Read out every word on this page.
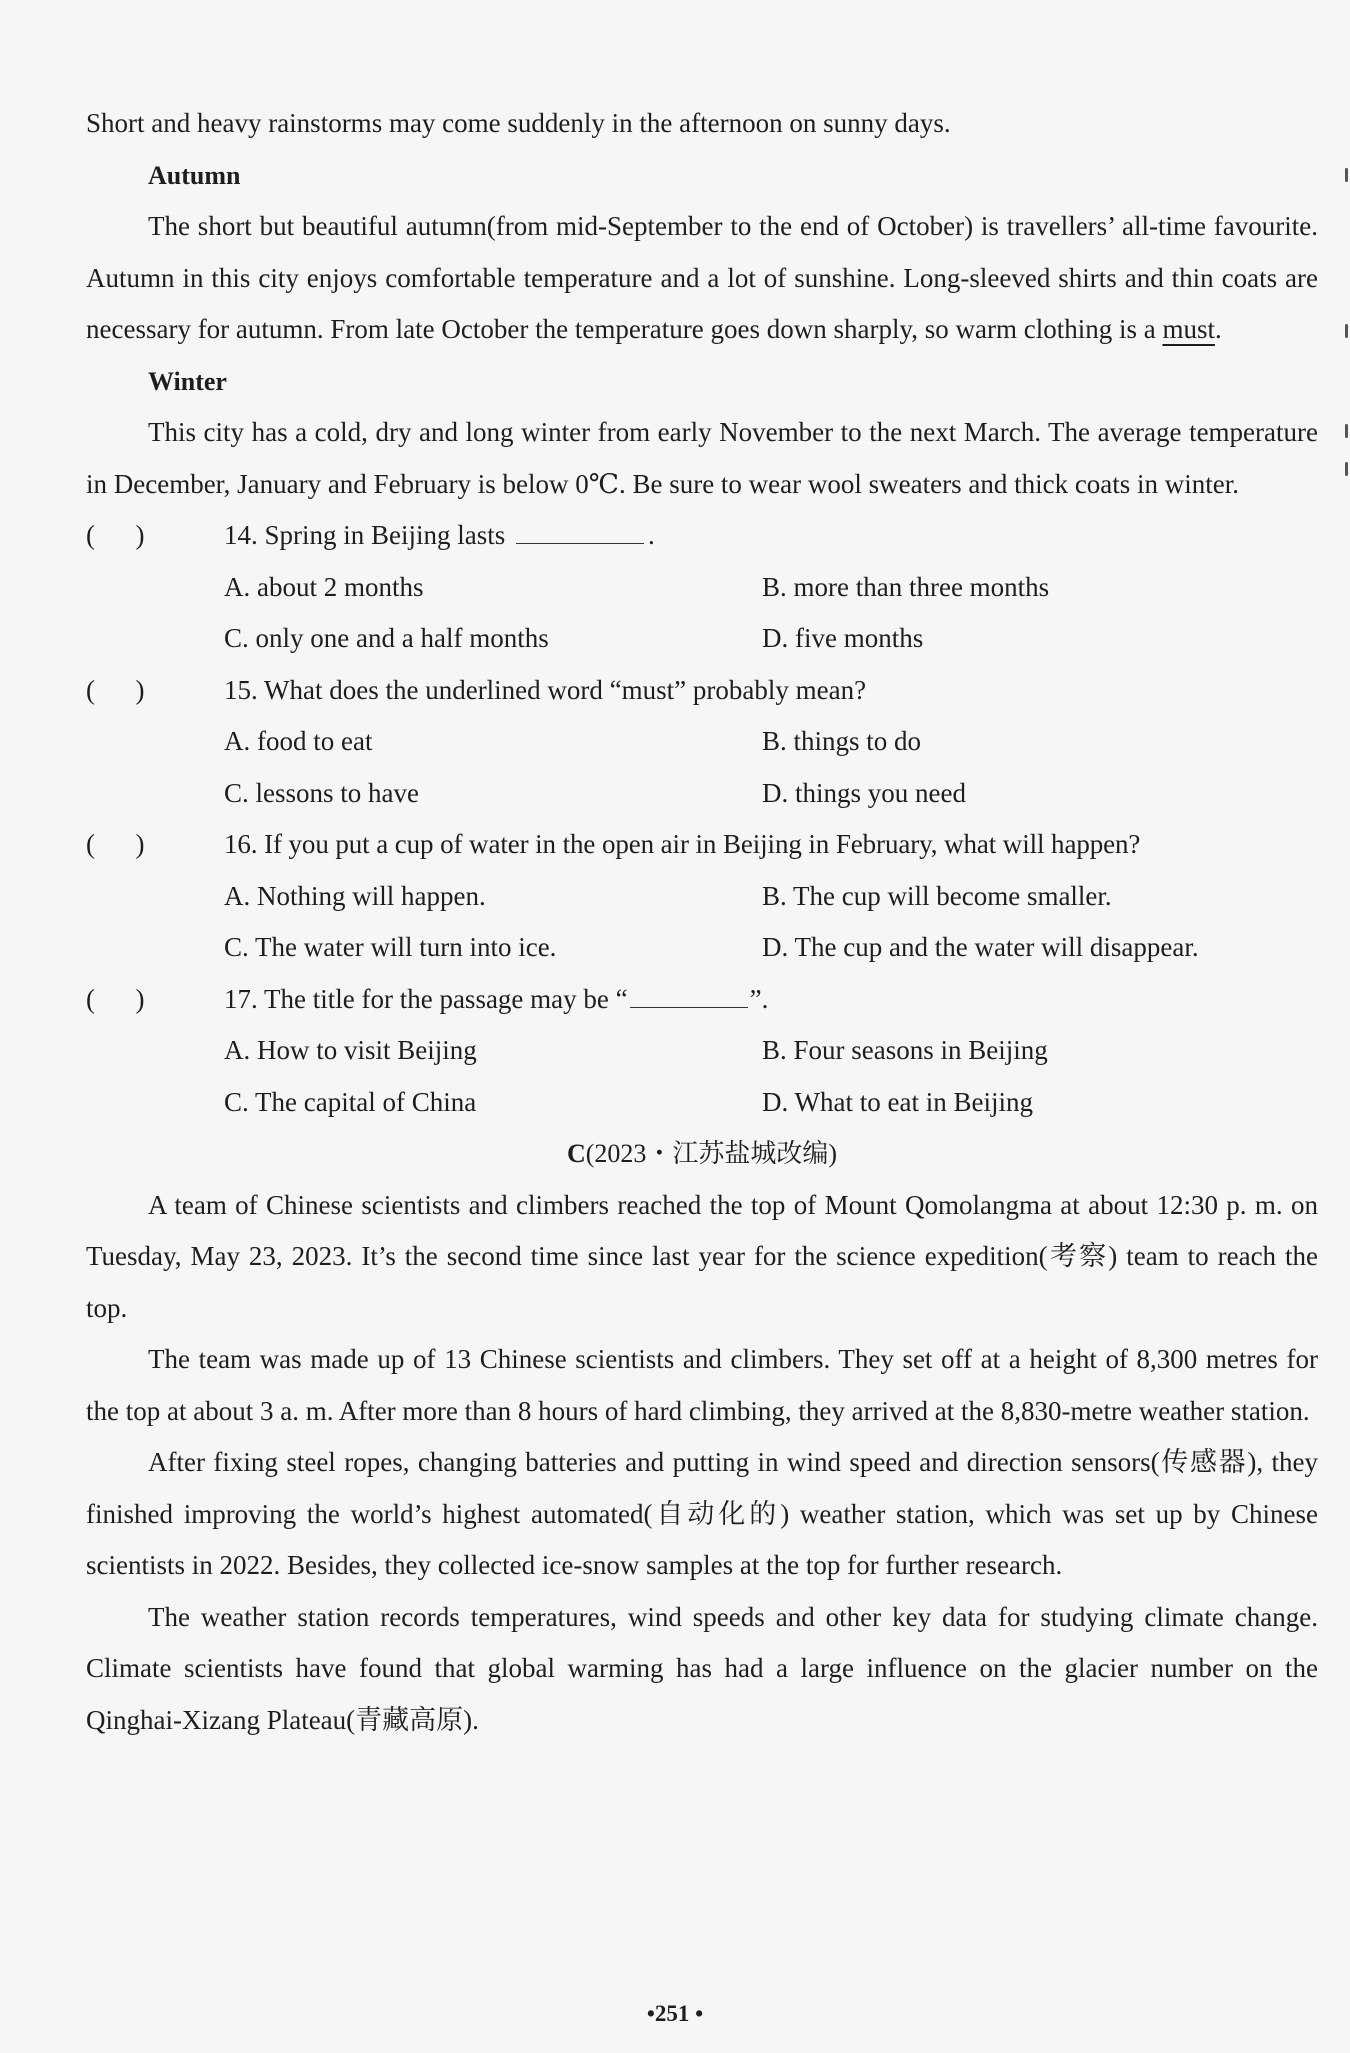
Short and heavy rainstorms may come suddenly in the afternoon on sunny days.

Autumn

The short but beautiful autumn(from mid-September to the end of October) is travellers’ all-time favourite. Autumn in this city enjoys comfortable temperature and a lot of sunshine. Long-sleeved shirts and thin coats are necessary for autumn. From late October the temperature goes down sharply, so warm clothing is a must.

Winter

This city has a cold, dry and long winter from early November to the next March. The average temperature in December, January and February is below 0℃. Be sure to wear wool sweaters and thick coats in winter.

(      )	14. Spring in Beijing lasts	.
A. about 2 months	B. more than three months
C. only one and a half months	D. five months
(      )	15. What does the underlined word “must” probably mean?
A. food to eat	B. things to do
C. lessons to have	D. things you need
(      )	16. If you put a cup of water in the open air in Beijing in February, what will happen?
A. Nothing will happen.	B. The cup will become smaller.
C. The water will turn into ice.	D. The cup and the water will disappear.
(      )	17. The title for the passage may be “	”.
A. How to visit Beijing	B. Four seasons in Beijing
C. The capital of China	D. What to eat in Beijing
C(2023・江苏盐城改编)

A team of Chinese scientists and climbers reached the top of Mount Qomolangma at about 12:30 p. m. on Tuesday, May 23, 2023. It’s the second time since last year for the science expedition(考察) team to reach the top.

The team was made up of 13 Chinese scientists and climbers. They set off at a height of 8,300 metres for the top at about 3 a. m. After more than 8 hours of hard climbing, they arrived at the 8,830-metre weather station.

After fixing steel ropes, changing batteries and putting in wind speed and direction sensors(传感器), they finished improving the world’s highest automated(自动化的) weather station, which was set up by Chinese scientists in 2022. Besides, they collected ice-snow samples at the top for further research.

The weather station records temperatures, wind speeds and other key data for studying climate change. Climate scientists have found that global warming has had a large influence on the glacier number on the Qinghai-Xizang Plateau(青藏高原).

•251 •
